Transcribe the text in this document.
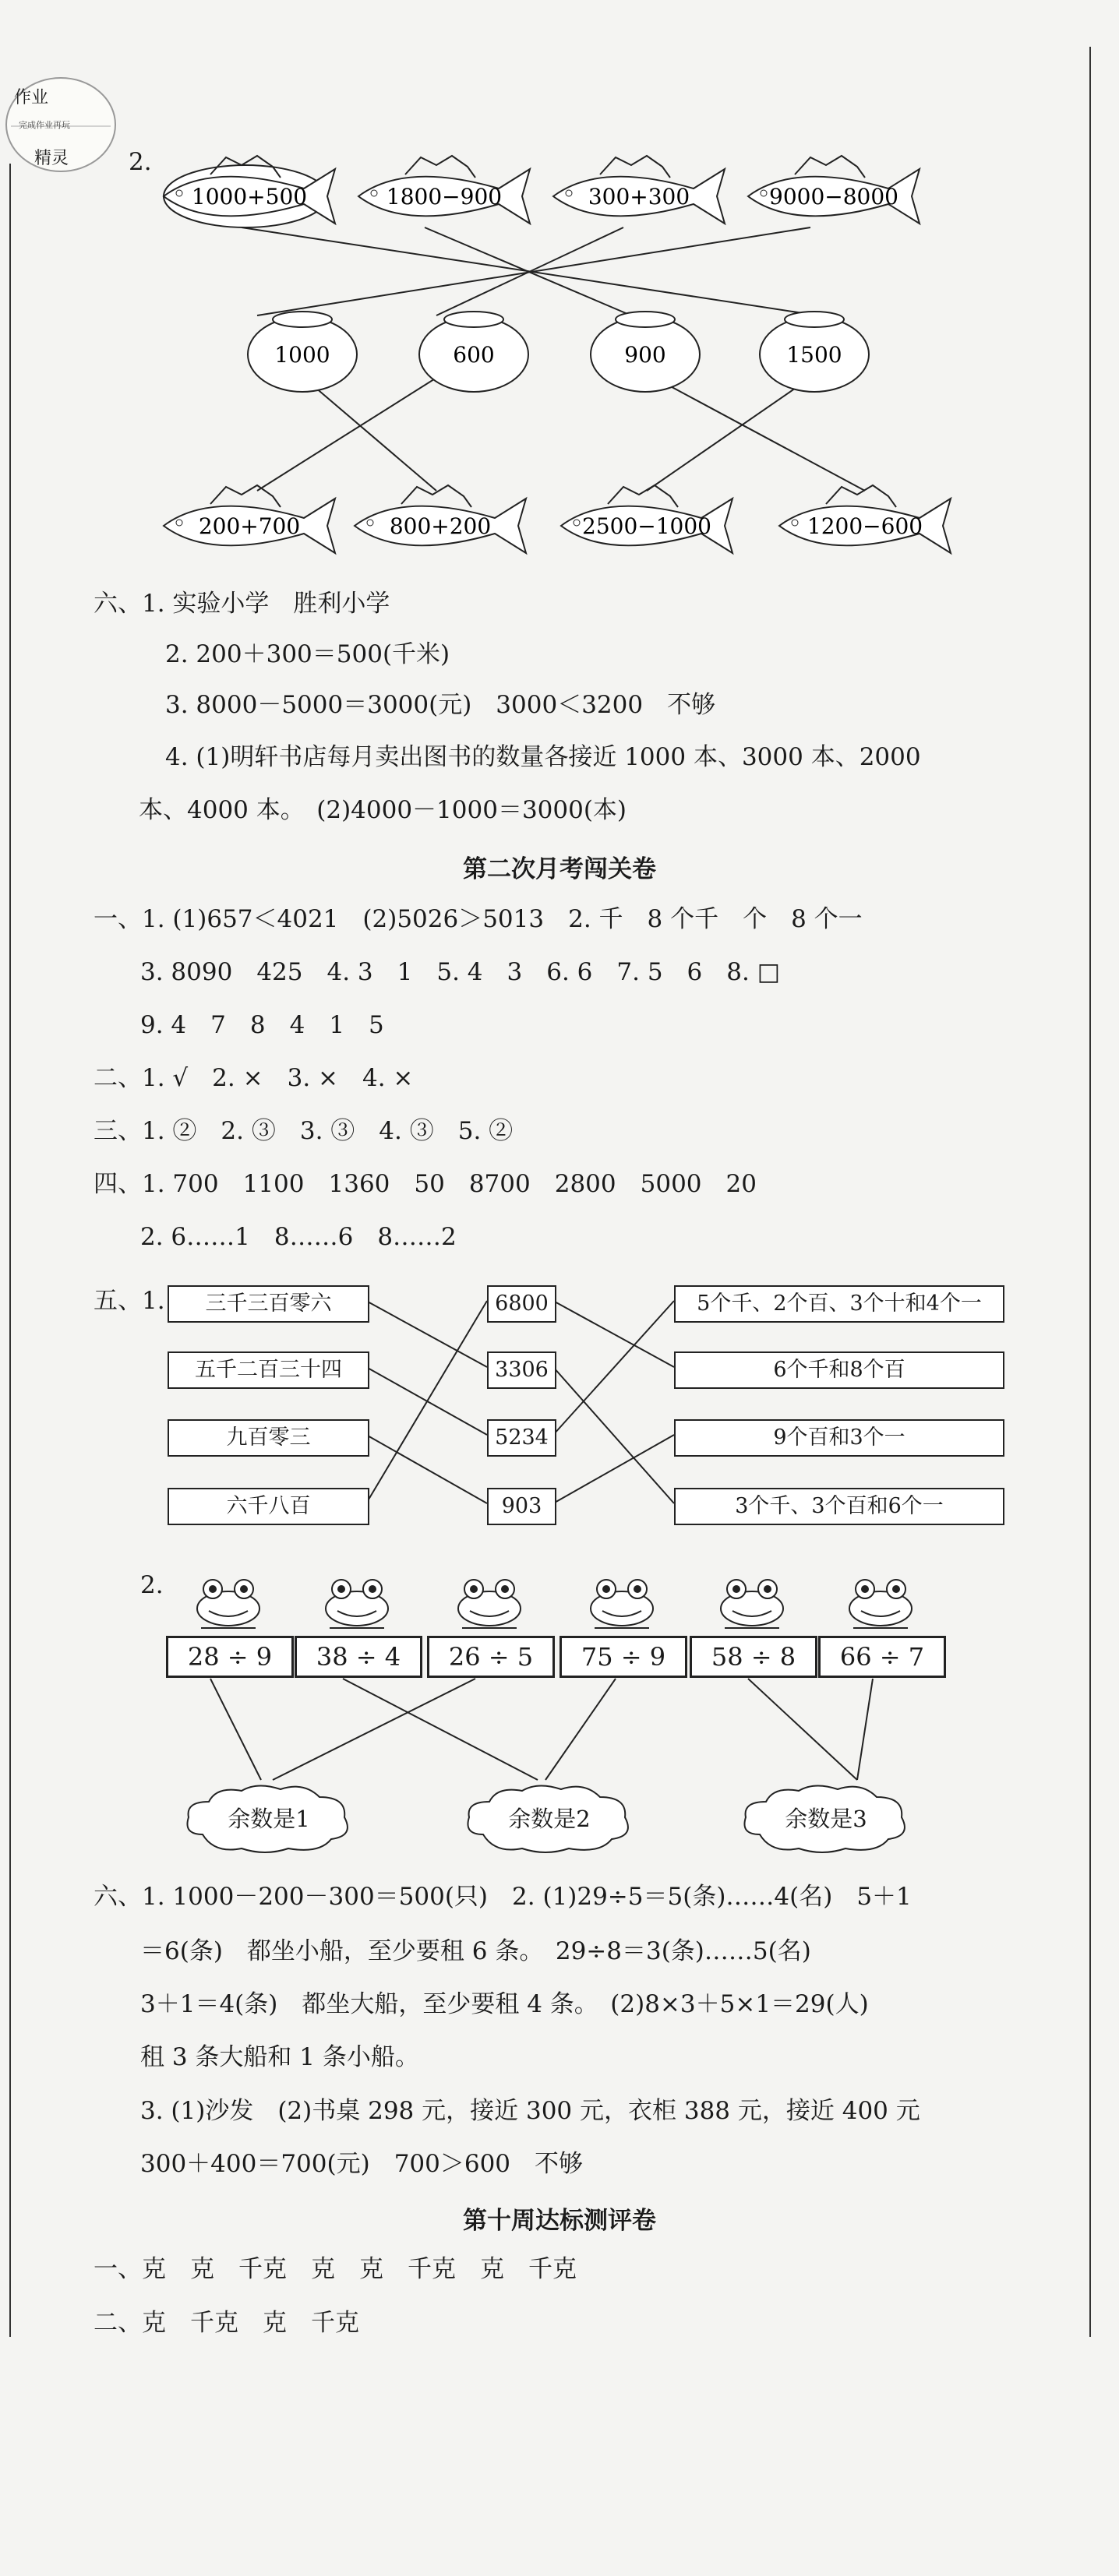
作业
完成作业再玩
精灵 2.
1000+500	1800−900	300+300	9000−8000
1000	600	900	1500
200+700	800+200	2500−1000	1200−600
六、1. 实验小学　胜利小学
2. 200＋300＝500(千米)
3. 8000－5000＝3000(元)　3000＜3200　不够
4. (1)明轩书店每月卖出图书的数量各接近 1000 本、3000 本、2000
本、4000 本。　(2)4000－1000＝3000(本)
第二次月考闯关卷
一、1. (1)657＜4021　(2)5026＞5013　2. 千　8 个千　个　8 个一
3. 8090　425　4. 3　1　5. 4　3　6. 6　7. 5　6　8. □
9. 4　7　8　4　1　5
二、1. √　2. ×　3. ×　4. ×
三、1. ②　2. ③　3. ③　4. ③　5. ②
四、1. 700　1100　1360　50　8700　2800　5000　20
2. 6……1　8……6　8……2
五、1.	三千三百零六
五千二百三十四
九百零三
六千八百
6800
3306
5234
903
5个千、2个百、3个十和4个一
6个千和8个百
9个百和3个一
3个千、3个百和6个一
2.
28 ÷ 9	38 ÷ 4	26 ÷ 5	75 ÷ 9	58 ÷ 8	66 ÷ 7
余数是1	余数是2	余数是3
六、1. 1000－200－300＝500(只)　2. (1)29÷5＝5(条)……4(名)　5＋1
＝6(条)　都坐小船，至少要租 6 条。　29÷8＝3(条)……5(名)
3＋1＝4(条)　都坐大船，至少要租 4 条。　(2)8×3＋5×1＝29(人)
租 3 条大船和 1 条小船。
3. (1)沙发　(2)书桌 298 元，接近 300 元，衣柜 388 元，接近 400 元
300＋400＝700(元)　700＞600　不够
第十周达标测评卷
一、克　克　千克　克　克　千克　克　千克
二、克　千克　克　千克
